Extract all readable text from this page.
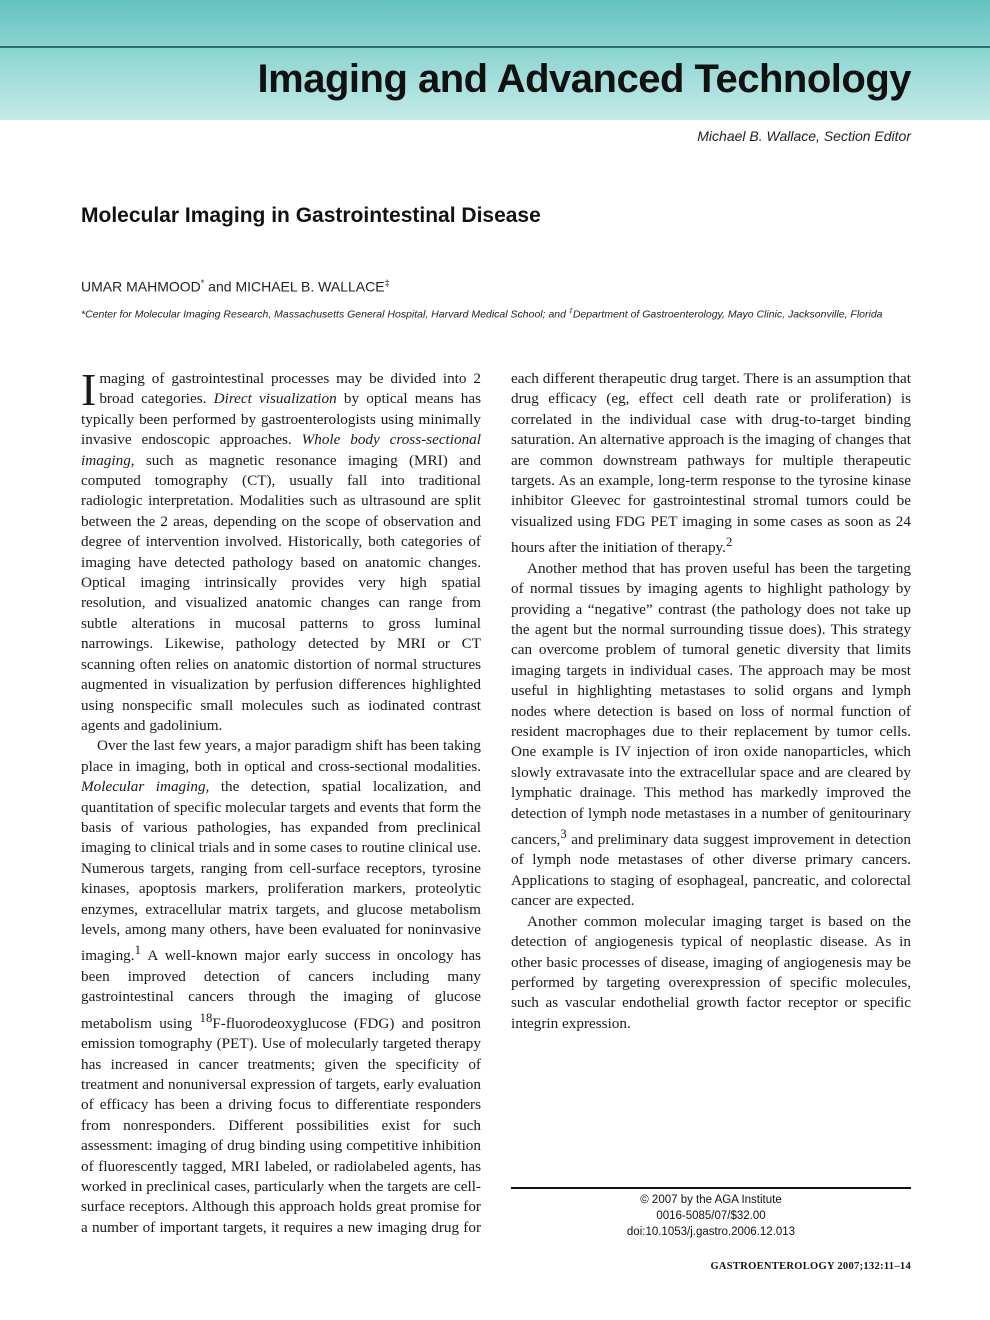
Imaging and Advanced Technology
Michael B. Wallace, Section Editor
Molecular Imaging in Gastrointestinal Disease
UMAR MAHMOOD* and MICHAEL B. WALLACE‡
*Center for Molecular Imaging Research, Massachusetts General Hospital, Harvard Medical School; and ‡Department of Gastroenterology, Mayo Clinic, Jacksonville, Florida
© 2007 by the AGA Institute
0016-5085/07/$32.00
doi:10.1053/j.gastro.2006.12.013
GASTROENTEROLOGY 2007;132:11–14

Imaging of gastrointestinal processes may be divided into 2 broad categories. Direct visualization by optical means has typically been performed by gastroenterologists using minimally invasive endoscopic approaches. Whole body cross-sectional imaging, such as magnetic resonance imaging (MRI) and computed tomography (CT), usually fall into traditional radiologic interpretation. Modalities such as ultrasound are split between the 2 areas, depending on the scope of observation and degree of intervention involved. Historically, both categories of imaging have detected pathology based on anatomic changes. Optical imaging intrinsically provides very high spatial resolution, and visualized anatomic changes can range from subtle alterations in mucosal patterns to gross luminal narrowings. Likewise, pathology detected by MRI or CT scanning often relies on anatomic distortion of normal structures augmented in visualization by perfusion differences highlighted using nonspecific small molecules such as iodinated contrast agents and gadolinium.

Over the last few years, a major paradigm shift has been taking place in imaging, both in optical and cross-sectional modalities. Molecular imaging, the detection, spatial localization, and quantitation of specific molecular targets and events that form the basis of various pathologies, has expanded from preclinical imaging to clinical trials and in some cases to routine clinical use. Numerous targets, ranging from cell-surface receptors, tyrosine kinases, apoptosis markers, proliferation markers, proteolytic enzymes, extracellular matrix targets, and glucose metabolism levels, among many others, have been evaluated for noninvasive imaging.$^1$ A well-known major early success in oncology has been improved detection of cancers including many gastrointestinal cancers through the imaging of glucose metabolism using $^{18}$F-fluorodeoxyglucose (FDG) and positron emission tomography (PET). Use of molecularly targeted therapy has increased in cancer treatments; given the specificity of treatment and nonuniversal expression of targets, early evaluation of efficacy has been a driving focus to differentiate responders from nonresponders. Different possibilities exist for such assessment: imaging of drug binding using competitive inhibition of fluorescently tagged, MRI labeled, or radiolabeled agents, has worked in preclinical cases, particularly when the targets are cell-surface receptors. Although this approach holds great promise for a number of important targets, it requires a new imaging drug for each different therapeutic drug target. There is an assumption that drug efficacy (eg, effect cell death rate or proliferation) is correlated in the individual case with drug-to-target binding saturation. An alternative approach is the imaging of changes that are common downstream pathways for multiple therapeutic targets. As an example, long-term response to the tyrosine kinase inhibitor Gleevec for gastrointestinal stromal tumors could be visualized using FDG PET imaging in some cases as soon as 24 hours after the initiation of therapy.$^2$

Another method that has proven useful has been the targeting of normal tissues by imaging agents to highlight pathology by providing a “negative” contrast (the pathology does not take up the agent but the normal surrounding tissue does). This strategy can overcome problem of tumoral genetic diversity that limits imaging targets in individual cases. The approach may be most useful in highlighting metastases to solid organs and lymph nodes where detection is based on loss of normal function of resident macrophages due to their replacement by tumor cells. One example is IV injection of iron oxide nanoparticles, which slowly extravasate into the extracellular space and are cleared by lymphatic drainage. This method has markedly improved the detection of lymph node metastases in a number of genitourinary cancers,$^3$ and preliminary data suggest improvement in detection of lymph node metastases of other diverse primary cancers. Applications to staging of esophageal, pancreatic, and colorectal cancer are expected.

Another common molecular imaging target is based on the detection of angiogenesis typical of neoplastic disease. As in other basic processes of disease, imaging of angiogenesis may be performed by targeting overexpression of specific molecules, such as vascular endothelial growth factor receptor or specific integrin expression.
